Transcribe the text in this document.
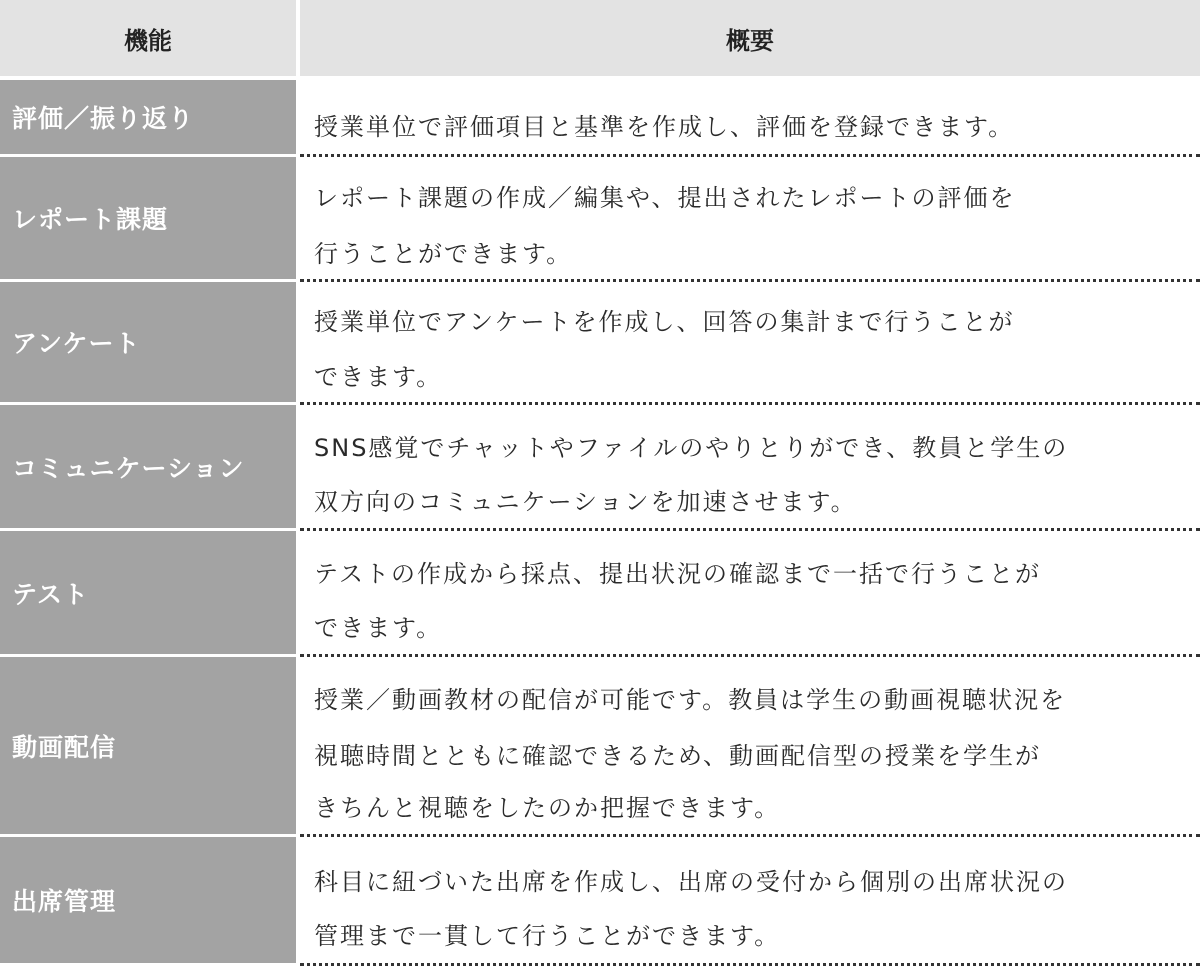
機能	概要
評価／振り返り	授業単位で評価項目と基準を作成し、評価を登録できます。
レポート課題
レポート課題の作成／編集や、提出されたレポートの評価を
行うことができます。
アンケート
授業単位でアンケートを作成し、回答の集計まで行うことが
できます。
コミュニケーション
SNS感覚でチャットやファイルのやりとりができ、教員と学生の
双方向のコミュニケーションを加速させます。
テスト
テストの作成から採点、提出状況の確認まで一括で行うことが
できます。
動画配信
授業／動画教材の配信が可能です。教員は学生の動画視聴状況を
視聴時間とともに確認できるため、動画配信型の授業を学生が
きちんと視聴をしたのか把握できます。
出席管理
科目に紐づいた出席を作成し、出席の受付から個別の出席状況の
管理まで一貫して行うことができます。
